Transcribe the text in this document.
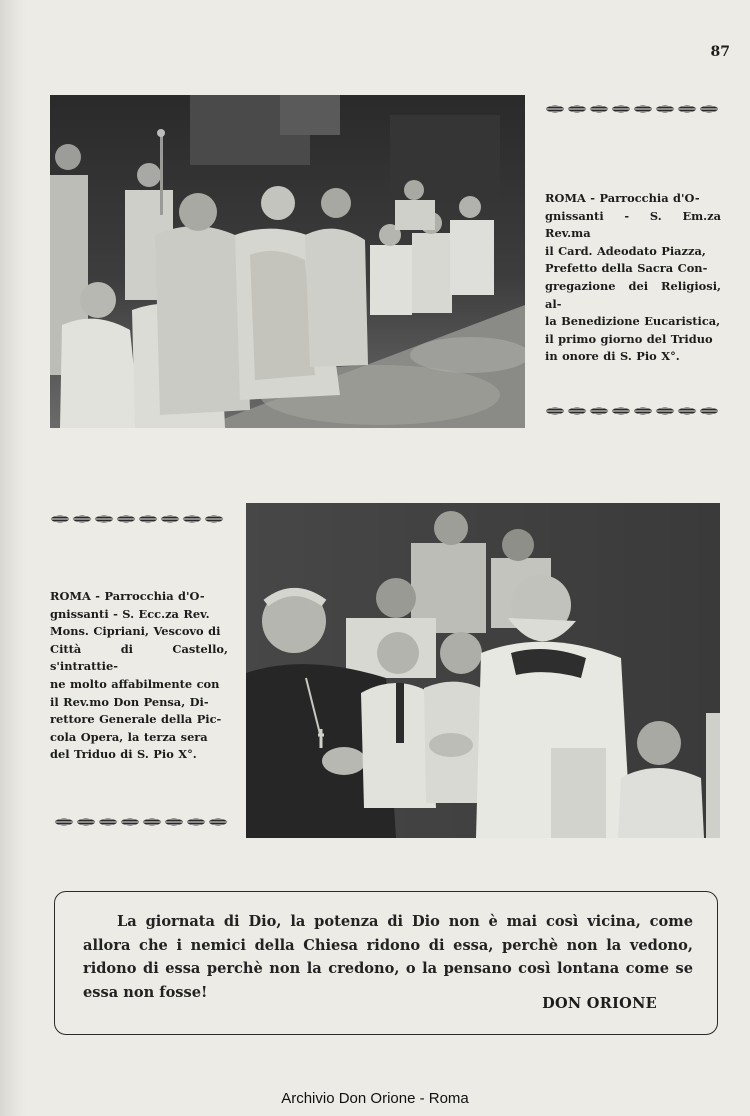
87
ROMA - Parrocchia d'O-
gnissanti - S. Em.za Rev.ma
il Card. Adeodato Piazza,
Prefetto della Sacra Con-
gregazione dei Religiosi, al-
la Benedizione Eucaristica,
il primo giorno del Triduo
in onore di S. Pio X°.
ROMA - Parrocchia d'O-
gnissanti - S. Ecc.za Rev.
Mons. Cipriani, Vescovo di
Città di Castello, s'intrattie-
ne molto affabilmente con
il Rev.mo Don Pensa, Di-
rettore Generale della Pic-
cola Opera, la terza sera
del Triduo di S. Pio X°.
La giornata di Dio, la potenza di Dio non è mai così vicina, come allora che i nemici della Chiesa ridono di essa, perchè non la vedono, ridono di essa perchè non la credono, o la pensano così lontana come se essa non fosse!
DON ORIONE
Archivio Don Orione - Roma
